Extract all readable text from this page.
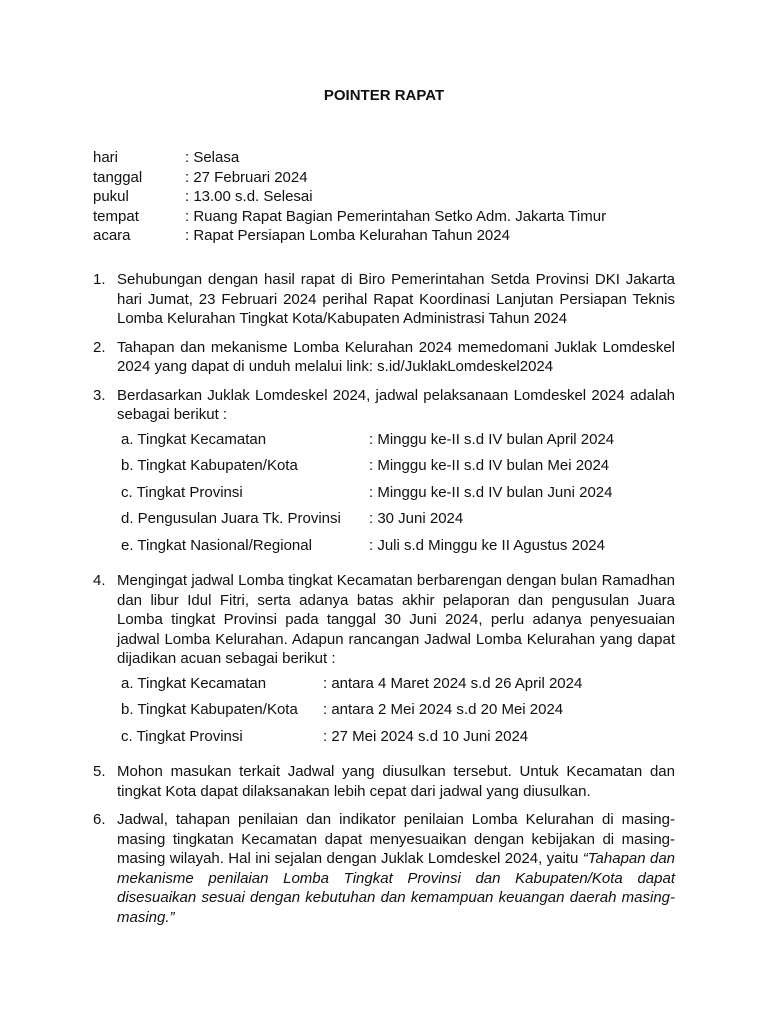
POINTER RAPAT
hari	: Selasa
tanggal	: 27 Februari 2024
pukul	: 13.00 s.d. Selesai
tempat	: Ruang Rapat Bagian Pemerintahan Setko Adm. Jakarta Timur
acara	: Rapat Persiapan Lomba Kelurahan Tahun 2024
1. Sehubungan dengan hasil rapat di Biro Pemerintahan Setda Provinsi DKI Jakarta hari Jumat, 23 Februari 2024 perihal Rapat Koordinasi Lanjutan Persiapan Teknis Lomba Kelurahan Tingkat Kota/Kabupaten Administrasi Tahun 2024
2. Tahapan dan mekanisme Lomba Kelurahan 2024 memedomani Juklak Lomdeskel 2024 yang dapat di unduh melalui link: s.id/JuklakLomdeskel2024
3. Berdasarkan Juklak Lomdeskel 2024, jadwal pelaksanaan Lomdeskel 2024 adalah sebagai berikut :
a. Tingkat Kecamatan	: Minggu ke-II s.d IV bulan April 2024
b. Tingkat Kabupaten/Kota	: Minggu ke-II s.d IV bulan Mei 2024
c. Tingkat Provinsi	: Minggu ke-II s.d IV bulan Juni 2024
d. Pengusulan Juara Tk. Provinsi	: 30 Juni 2024
e. Tingkat Nasional/Regional	: Juli s.d Minggu ke II Agustus 2024
4. Mengingat jadwal Lomba tingkat Kecamatan berbarengan dengan bulan Ramadhan dan libur Idul Fitri, serta adanya batas akhir pelaporan dan pengusulan Juara Lomba tingkat Provinsi pada tanggal 30 Juni 2024, perlu adanya penyesuaian jadwal Lomba Kelurahan. Adapun rancangan Jadwal Lomba Kelurahan yang dapat dijadikan acuan sebagai berikut :
a. Tingkat Kecamatan	: antara 4 Maret 2024 s.d 26 April 2024
b. Tingkat Kabupaten/Kota	: antara 2 Mei 2024 s.d 20 Mei 2024
c. Tingkat Provinsi	: 27 Mei 2024 s.d 10 Juni 2024
5. Mohon masukan terkait Jadwal yang diusulkan tersebut. Untuk Kecamatan dan tingkat Kota dapat dilaksanakan lebih cepat dari jadwal yang diusulkan.
6. Jadwal, tahapan penilaian dan indikator penilaian Lomba Kelurahan di masing-masing tingkatan Kecamatan dapat menyesuaikan dengan kebijakan di masing-masing wilayah. Hal ini sejalan dengan Juklak Lomdeskel 2024, yaitu “Tahapan dan mekanisme penilaian Lomba Tingkat Provinsi dan Kabupaten/Kota dapat disesuaikan sesuai dengan kebutuhan dan kemampuan keuangan daerah masing-masing.”
